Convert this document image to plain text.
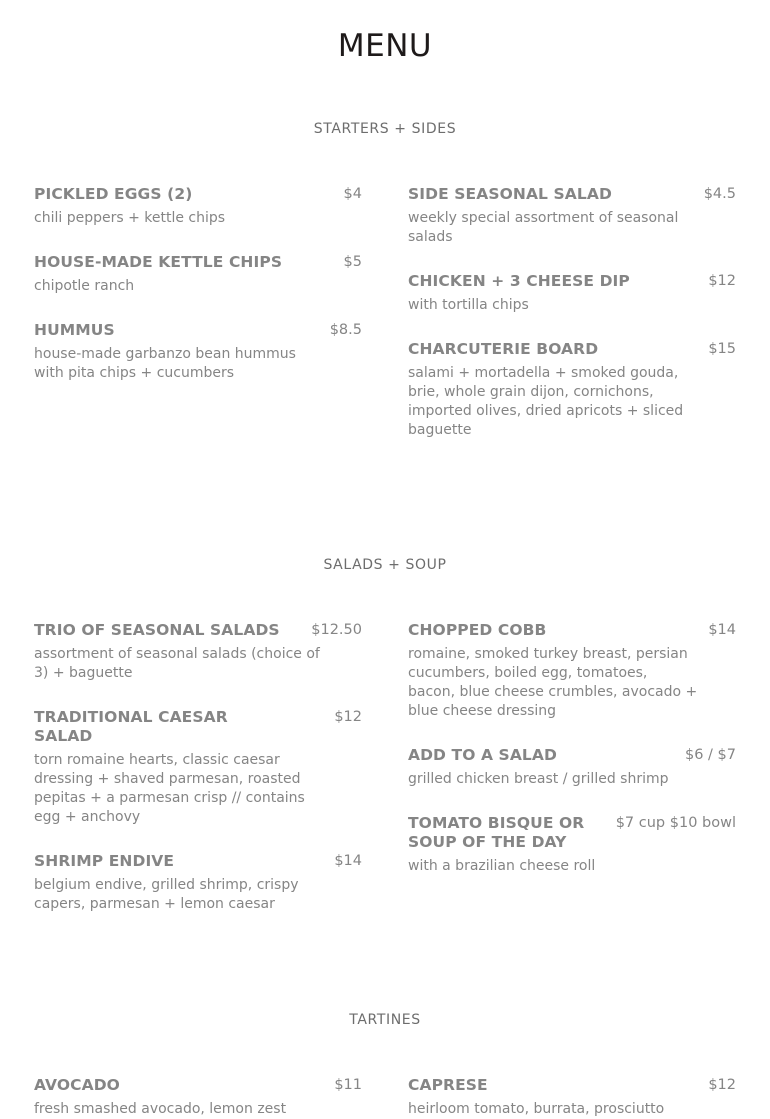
MENU
STARTERS + SIDES
PICKLED EGGS (2)	$4
chili peppers + kettle chips
HOUSE-MADE KETTLE CHIPS	$5
chipotle ranch
HUMMUS	$8.5
house-made garbanzo bean hummus with pita chips + cucumbers
SIDE SEASONAL SALAD	$4.5
weekly special assortment of seasonal salads
CHICKEN + 3 CHEESE DIP	$12
with tortilla chips
CHARCUTERIE BOARD	$15
salami + mortadella + smoked gouda, brie, whole grain dijon, cornichons, imported olives, dried apricots + sliced baguette
SALADS + SOUP
TRIO OF SEASONAL SALADS $12.50
assortment of seasonal salads (choice of 3) + baguette
TRADITIONAL CAESAR SALAD
$12
torn romaine hearts, classic caesar dressing + shaved parmesan, roasted pepitas + a parmesan crisp // contains egg + anchovy
SHRIMP ENDIVE	$14
belgium endive, grilled shrimp, crispy capers, parmesan + lemon caesar
CHOPPED COBB	$14
romaine, smoked turkey breast, persian cucumbers, boiled egg, tomatoes, bacon, blue cheese crumbles, avocado + blue cheese dressing
ADD TO A SALAD	$6 / $7
grilled chicken breast / grilled shrimp
TOMATO BISQUE OR SOUP OF THE DAY
$7 cup $10 bowl
with a brazilian cheese roll
TARTINES
AVOCADO	$11
fresh smashed avocado, lemon zest
CAPRESE	$12
heirloom tomato, burrata, prosciutto
